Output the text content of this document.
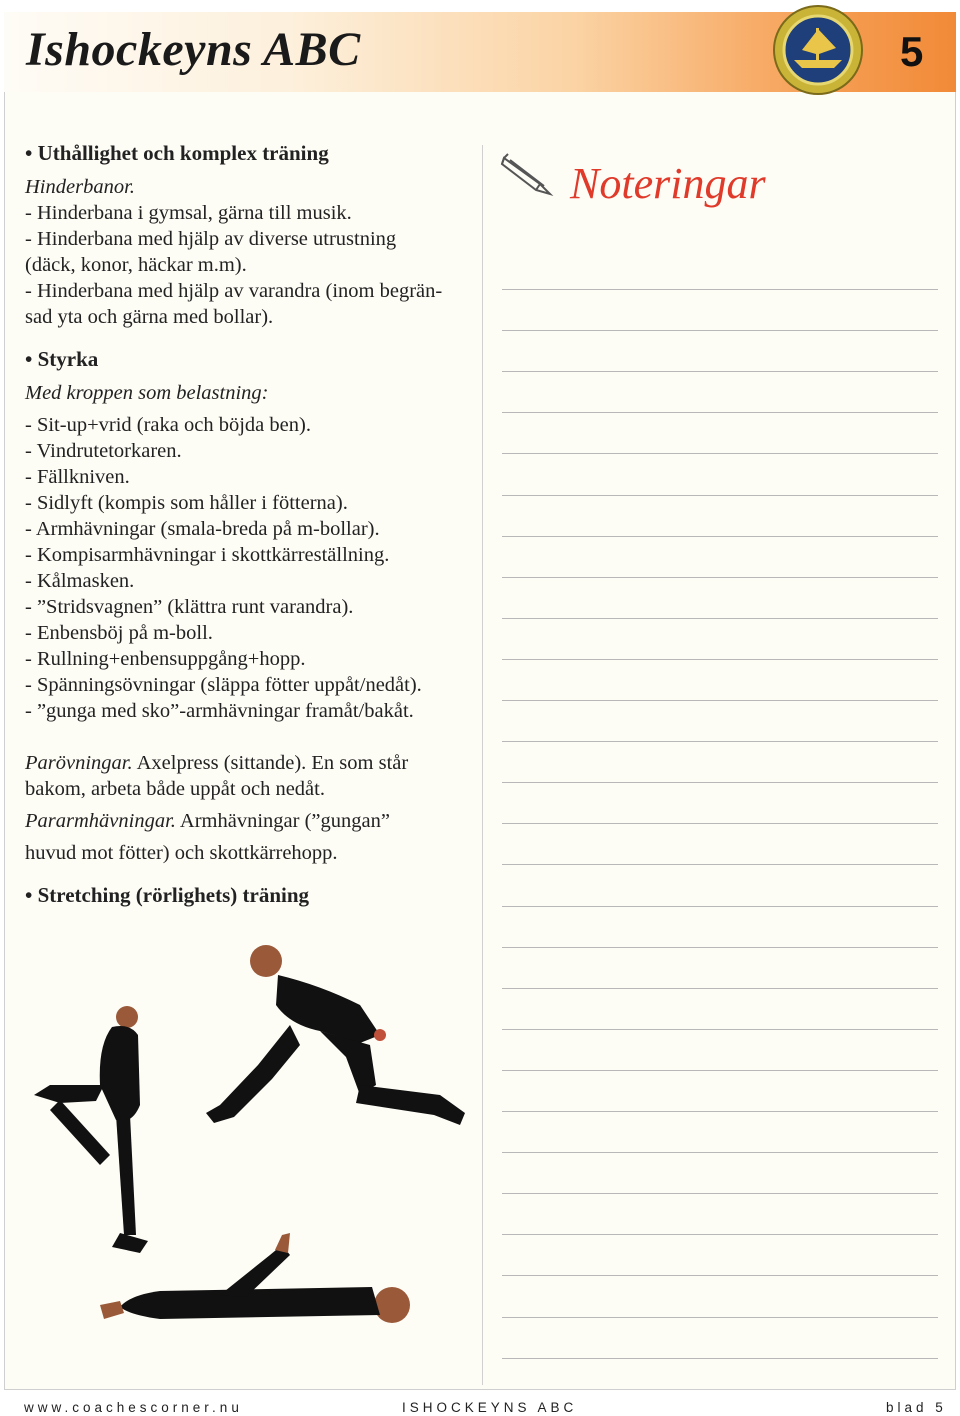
Ishockeyns ABC	5
• Uthållighet och komplex träning
Hinderbanor.
- Hinderbana i gymsal, gärna till musik.
- Hinderbana med hjälp av diverse utrustning
(däck, konor, häckar m.m).
- Hinderbana med hjälp av varandra (inom begrän-
sad yta och gärna med bollar).
• Styrka
Med kroppen som belastning:
- Sit-up+vrid (raka och böjda ben).
- Vindrutetorkaren.
- Fällkniven.
- Sidlyft (kompis som håller i fötterna).
- Armhävningar (smala-breda på m-bollar).
- Kompisarmhävningar i skottkärreställning.
- Kålmasken.
- ”Stridsvagnen” (klättra runt varandra).
- Enbensböj på m-boll.
- Rullning+enbensuppgång+hopp.
- Spänningsövningar (släppa fötter uppåt/nedåt).
- ”gunga med sko”-armhävningar framåt/bakåt.
Parövningar. Axelpress (sittande). En som står
bakom, arbeta både uppåt och nedåt.
Pararmhävningar. Armhävningar (”gungan”
huvud mot fötter) och skottkärrehopp.
• Stretching (rörlighets) träning
Noteringar
www.coachescorner.nu	ISHOCKEYNS ABC	blad 5
